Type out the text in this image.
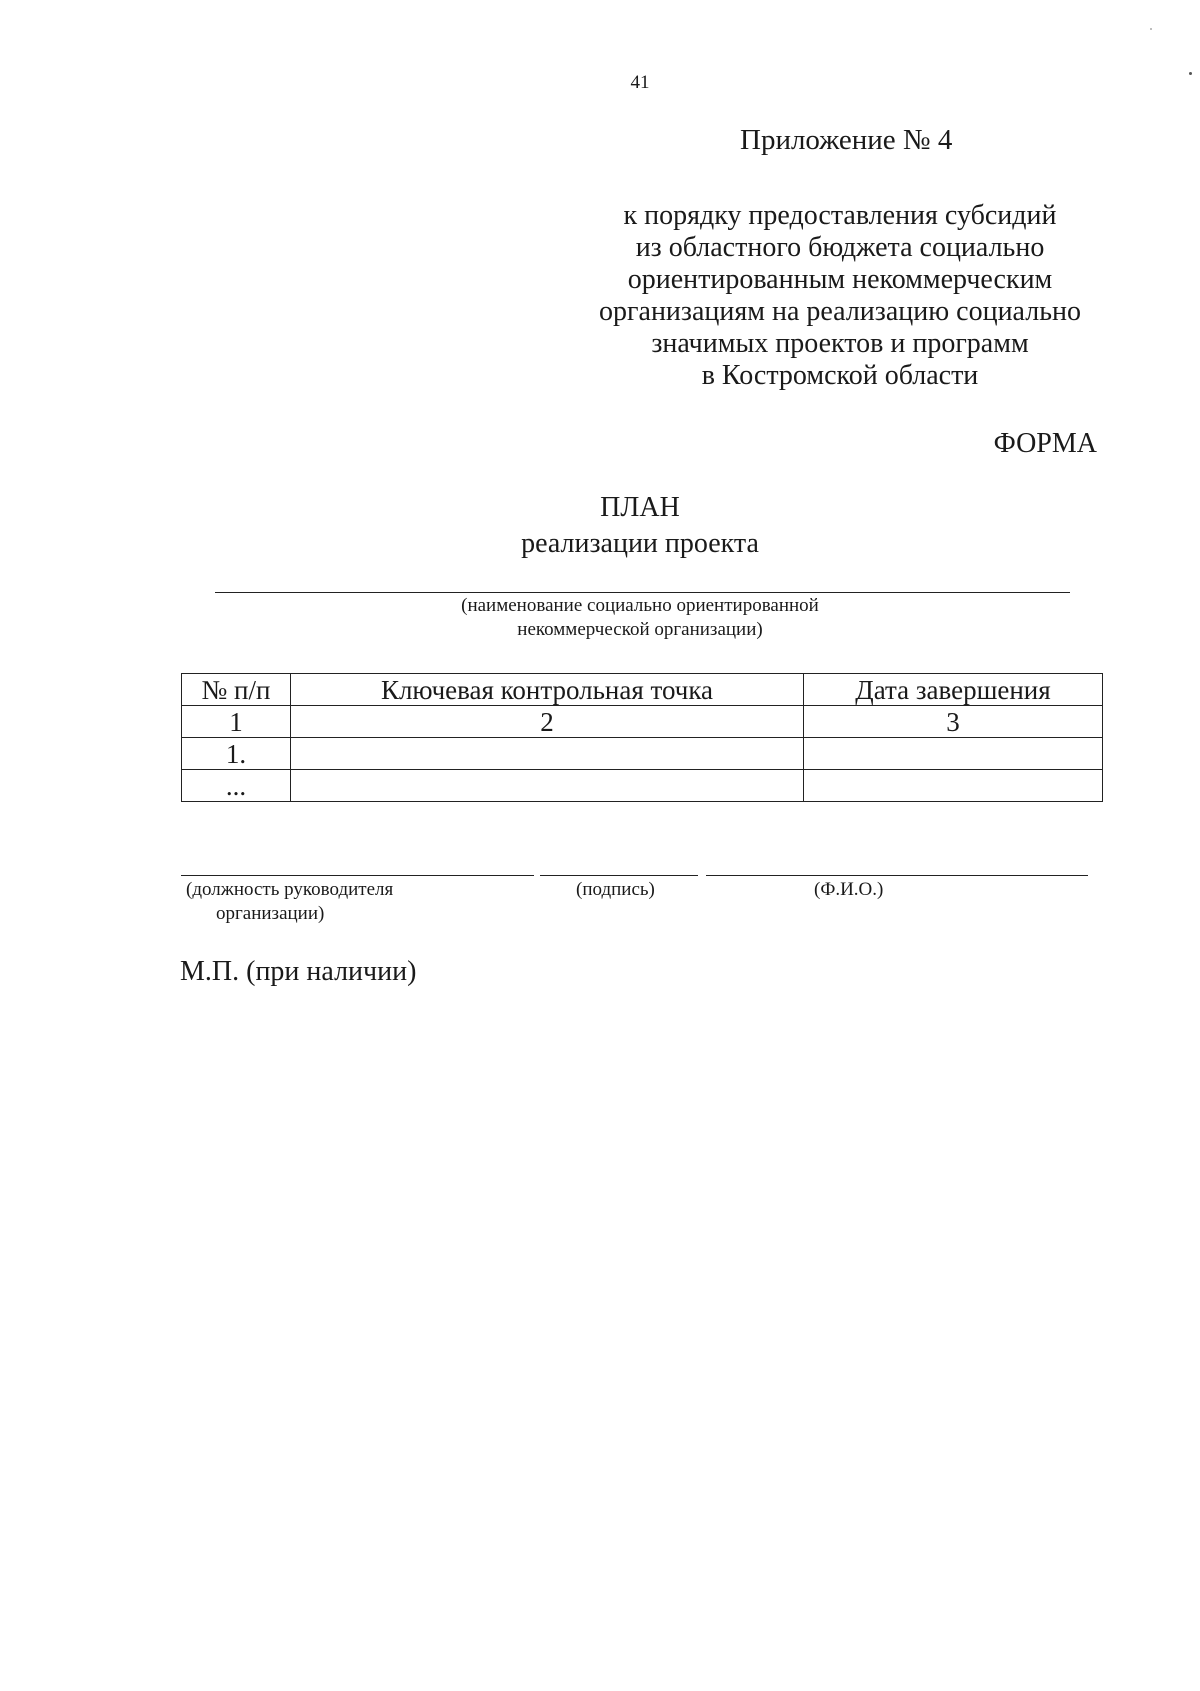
41
Приложение № 4
к порядку предоставления субсидий
из областного бюджета социально
ориентированным некоммерческим
организациям на реализацию социально
значимых проектов и программ
в Костромской области
ФОРМА
ПЛАН
реализации проекта
(наименование социально ориентированной
некоммерческой организации)
№ п/п	Ключевая контрольная точка	Дата завершения
1	2	3
1.		
...		
(должность руководителя
организации)
(подпись)	(Ф.И.О.)
М.П. (при наличии)
